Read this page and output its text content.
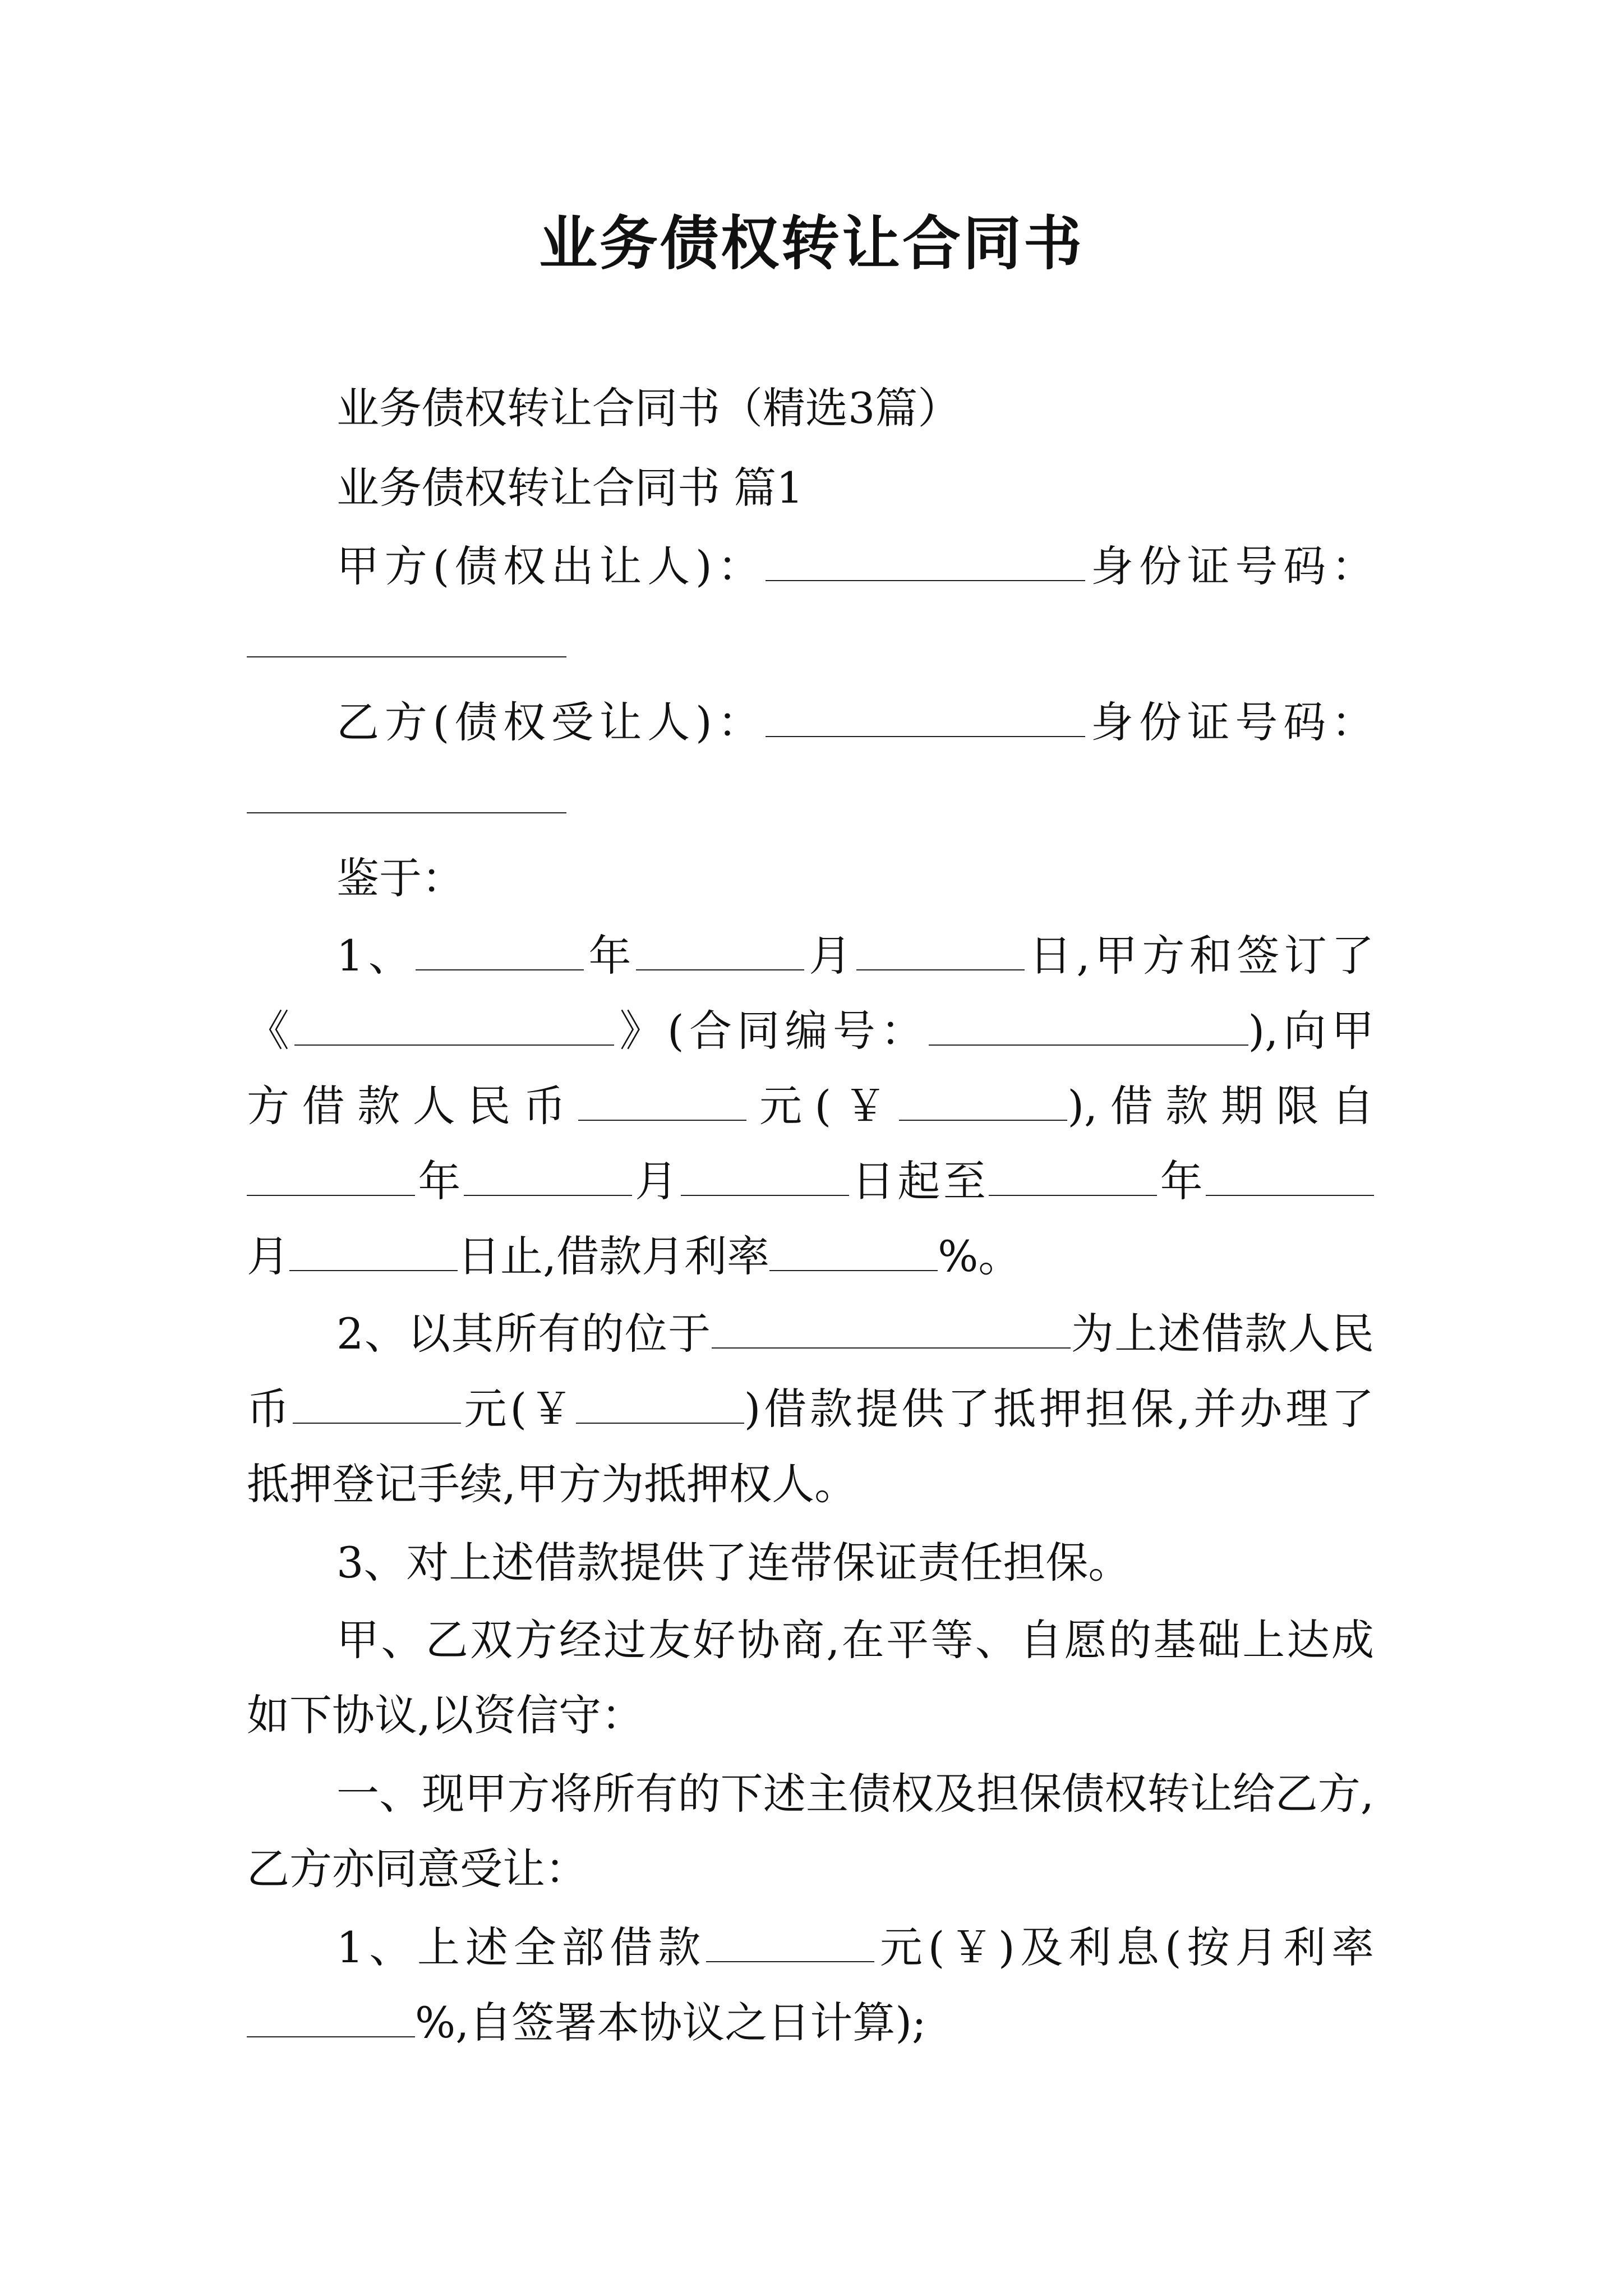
业务债权转让合同书

业务债权转让合同书（精选3篇）

业务债权转让合同书 篇1

甲方(债权出让人)：	身份证号码：

乙方(债权受让人)：	身份证号码：

鉴于：

1、	年	月	日,甲方和签订了

《	》(合同编号：	),向甲

方借款人民币	元(￥	),借款期限自

年	月	日起至	年

月	日止,借款月利率	%。

2、以其所有的位于	为上述借款人民

币	元(￥	)借款提供了抵押担保,并办理了

抵押登记手续,甲方为抵押权人。

3、对上述借款提供了连带保证责任担保。

甲、乙双方经过友好协商,在平等、自愿的基础上达成

如下协议,以资信守：

一、现甲方将所有的下述主债权及担保债权转让给乙方,

乙方亦同意受让：

1、上述全部借款	元(￥)及利息(按月利率

%,自签署本协议之日计算);
